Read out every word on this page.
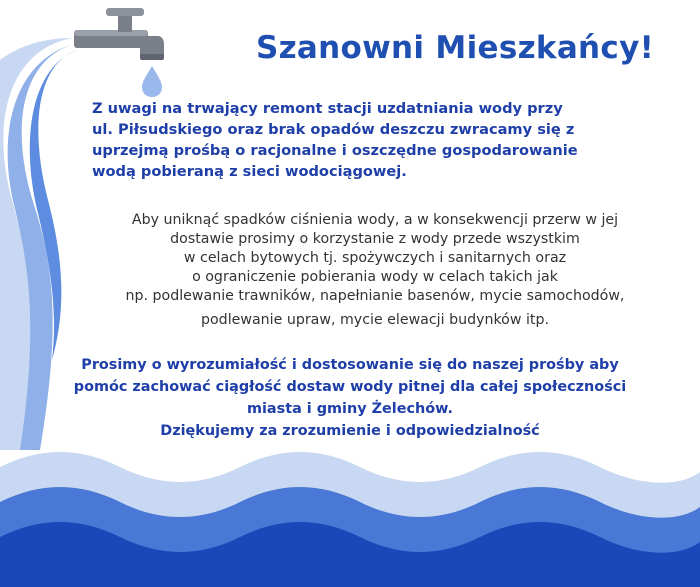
Szanowni Mieszkańcy!
Z uwagi na trwający remont stacji uzdatniania wody przy
ul. Piłsudskiego oraz brak opadów deszczu zwracamy się z
uprzejmą prośbą o racjonalne i oszczędne gospodarowanie
wodą pobieraną z sieci wodociągowej.
Aby uniknąć spadków ciśnienia wody, a w konsekwencji przerw w jej
dostawie prosimy o korzystanie z wody przede wszystkim
w celach bytowych tj. spożywczych i sanitarnych oraz
o ograniczenie pobierania wody w celach takich jak
np. podlewanie trawników, napełnianie basenów, mycie samochodów,
podlewanie upraw, mycie elewacji budynków itp.
Prosimy o wyrozumiałość i dostosowanie się do naszej prośby aby
pomóc zachować ciągłość dostaw wody pitnej dla całej społeczności
miasta i gminy Żelechów.
Dziękujemy za zrozumienie i odpowiedzialność
